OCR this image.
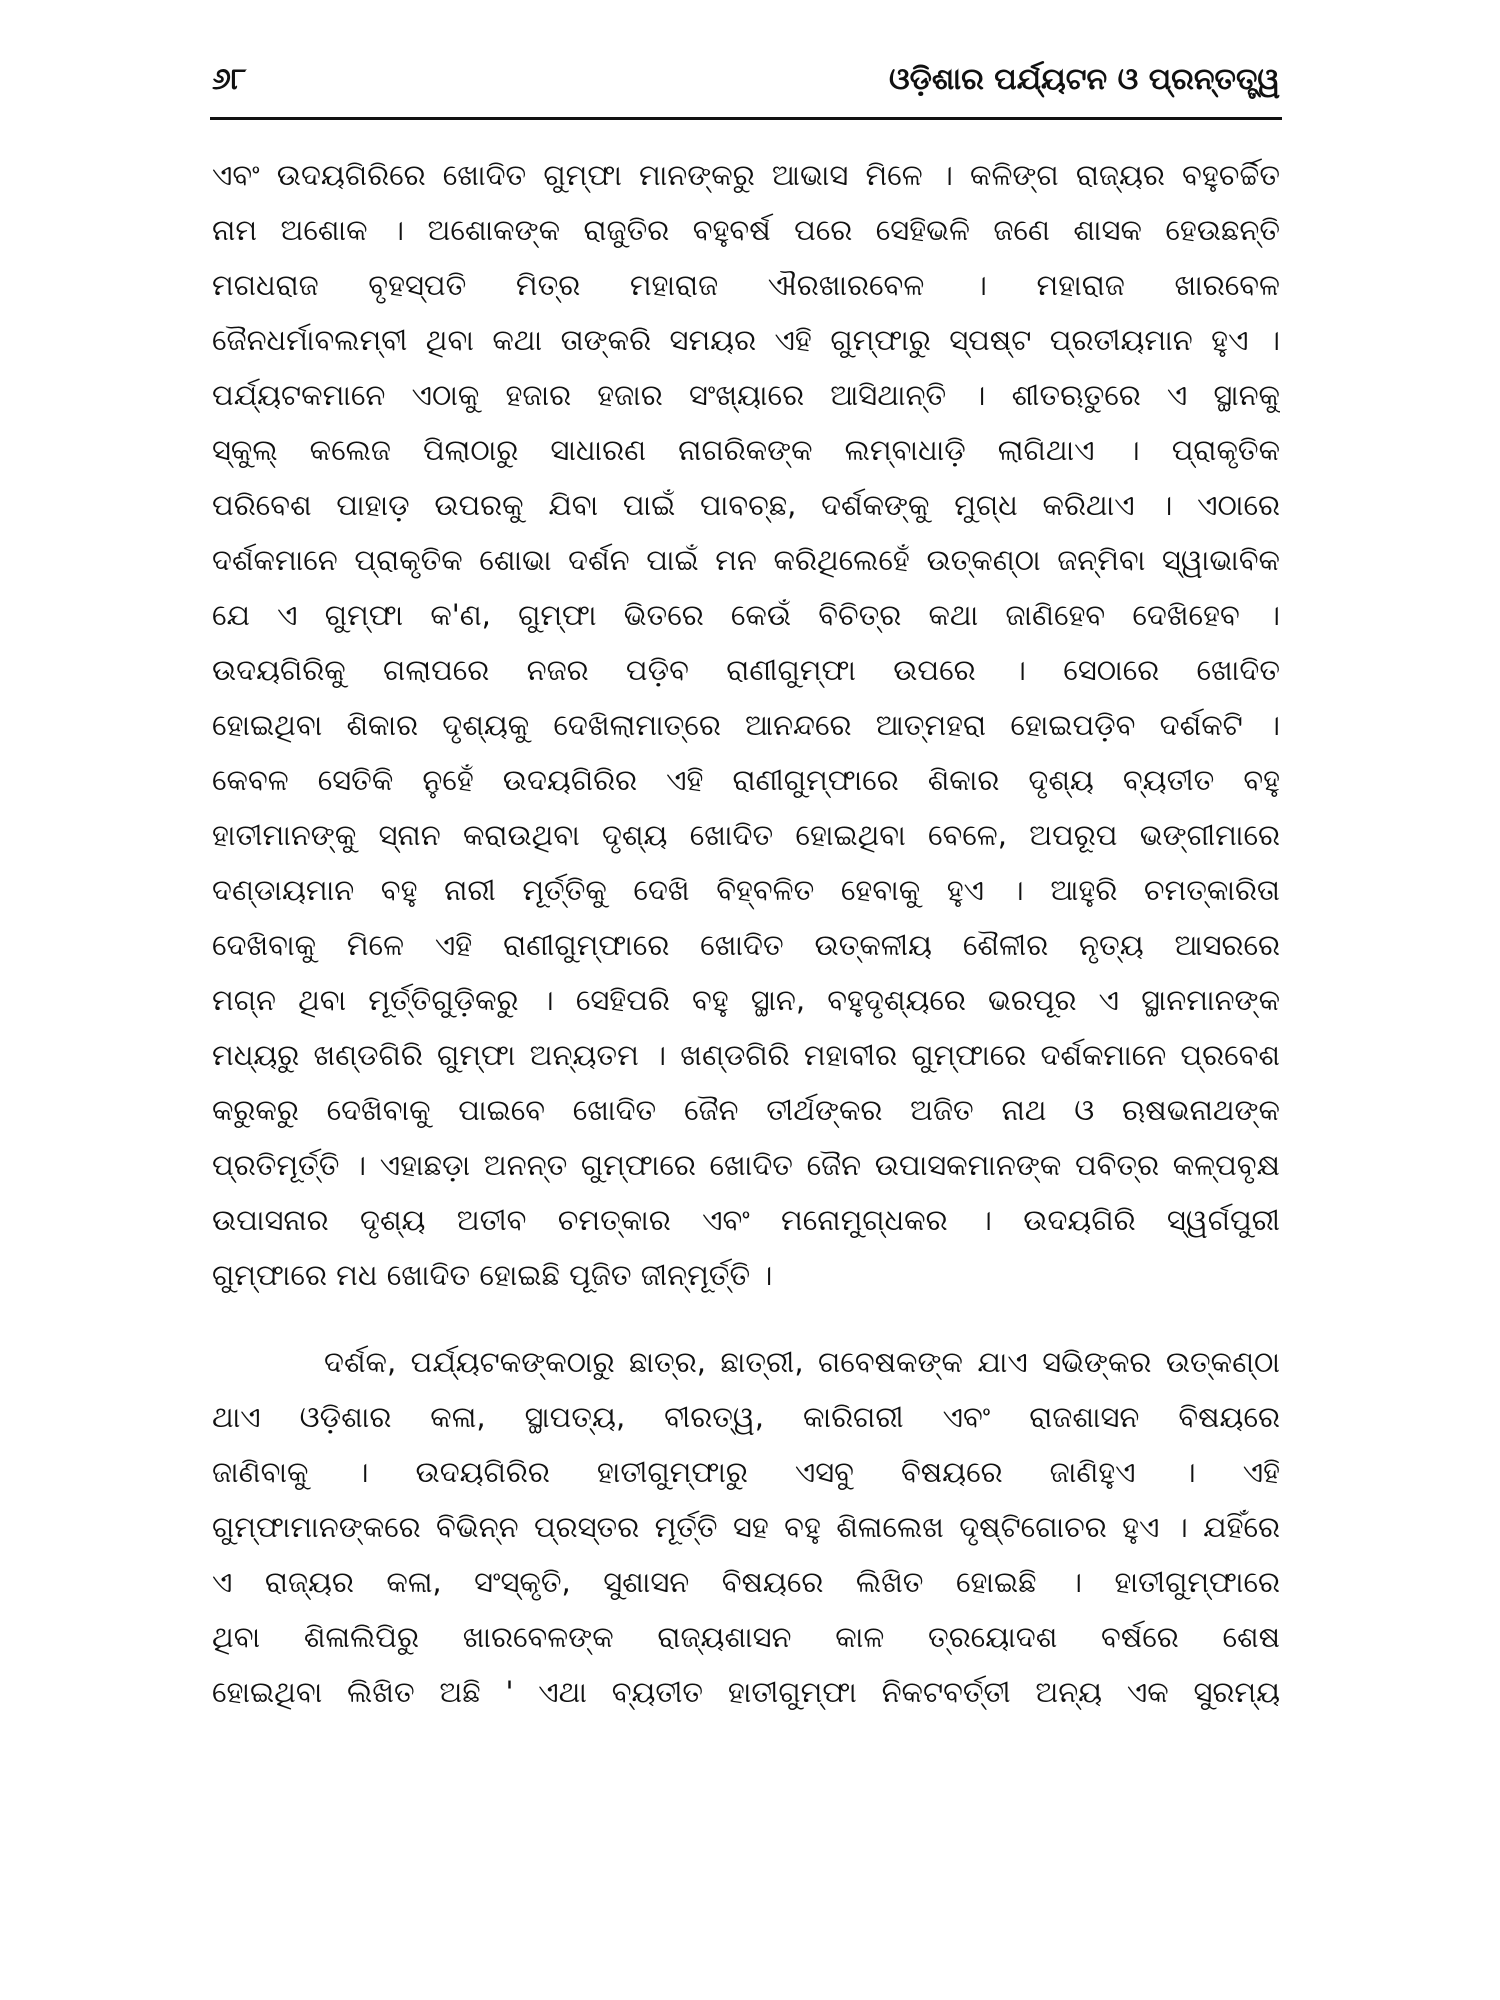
୬୮	ଓଡ଼ିଶାର ପର୍ଯ୍ୟଟନ ଓ ପ୍ରନ୍ତତ୍ତ୍ୱ
ଏବଂ ଉଦୟଗିରିରେ ଖୋଦିତ ଗୁମ୍ଫା ମାନଙ୍କରୁ ଆଭାସ ମିଳେ । କଳିଙ୍ଗ ରାଜ୍ୟର ବହୁଚର୍ଚ୍ଚିତ
ନାମ ଅଶୋକ । ଅଶୋକଙ୍କ ରାଜୁତିର ବହୁବର୍ଷ ପରେ ସେହିଭଳି ଜଣେ ଶାସକ ହେଉଛନ୍ତି
ମଗଧରାଜ ବୃହସ୍ପତି ମିତ୍ର ମହାରାଜ ଐରଖାରବେଳ । ମହାରାଜ ଖାରବେଳ
ଜୈନଧର୍ମାବଲମ୍ବୀ ଥିବା କଥା ତାଙ୍କରି ସମୟର ଏହି ଗୁମ୍ଫାରୁ ସ୍ପଷ୍ଟ ପ୍ରତୀୟମାନ ହୁଏ ।
ପର୍ଯ୍ୟଟକମାନେ ଏଠାକୁ ହଜାର ହଜାର ସଂଖ୍ୟାରେ ଆସିଥାନ୍ତି । ଶୀତଋତୁରେ ଏ ସ୍ଥାନକୁ
ସ୍କୁଲ୍ କଲେଜ ପିଲାଠାରୁ ସାଧାରଣ ନାଗରିକଙ୍କ ଲମ୍ବାଧାଡ଼ି ଲାଗିଥାଏ । ପ୍ରାକୃତିକ
ପରିବେଶ ପାହାଡ଼ ଉପରକୁ ଯିବା ପାଇଁ ପାବଚ୍ଛ, ଦର୍ଶକଙ୍କୁ ମୁଗ୍ଧ କରିଥାଏ । ଏଠାରେ
ଦର୍ଶକମାନେ ପ୍ରାକୃତିକ ଶୋଭା ଦର୍ଶନ ପାଇଁ ମନ କରିଥିଲେହେଁ ଉତ୍କଣ୍ଠା ଜନ୍ମିବା ସ୍ୱାଭାବିକ
ଯେ ଏ ଗୁମ୍ଫା କ'ଣ, ଗୁମ୍ଫା ଭିତରେ କେଉଁ ବିଚିତ୍ର କଥା ଜାଣିହେବ ଦେଖିହେବ ।
ଉଦୟଗିରିକୁ ଗଲାପରେ ନଜର ପଡ଼ିବ ରାଣୀଗୁମ୍ଫା ଉପରେ । ସେଠାରେ ଖୋଦିତ
ହୋଇଥିବା ଶିକାର ଦୃଶ୍ୟକୁ ଦେଖିଲାମାତ୍ରେ ଆନନ୍ଦରେ ଆତ୍ମହରା ହୋଇପଡ଼ିବ ଦର୍ଶକଟି ।
କେବଳ ସେତିକି ନୁହେଁ ଉଦୟଗିରିର ଏହି ରାଣୀଗୁମ୍ଫାରେ ଶିକାର ଦୃଶ୍ୟ ବ୍ୟତୀତ ବହୁ
ହାତୀମାନଙ୍କୁ ସ୍ନାନ କରାଉଥିବା ଦୃଶ୍ୟ ଖୋଦିତ ହୋଇଥିବା ବେଳେ, ଅପରୂପ ଭଙ୍ଗୀମାରେ
ଦଣ୍ଡାୟମାନ ବହୁ ନାରୀ ମୂର୍ତ୍ତିକୁ ଦେଖି ବିହ୍ବଳିତ ହେବାକୁ ହୁଏ । ଆହୁରି ଚମତ୍କାରିତା
ଦେଖିବାକୁ ମିଳେ ଏହି ରାଣୀଗୁମ୍ଫାରେ ଖୋଦିତ ଉତ୍କଳୀୟ ଶୈଳୀର ନୃତ୍ୟ ଆସରରେ
ମଗ୍ନ ଥିବା ମୂର୍ତ୍ତିଗୁଡ଼ିକରୁ । ସେହିପରି ବହୁ ସ୍ଥାନ, ବହୁଦୃଶ୍ୟରେ ଭରପୂର ଏ ସ୍ଥାନମାନଙ୍କ
ମଧ୍ୟରୁ ଖଣ୍ଡଗିରି ଗୁମ୍ଫା ଅନ୍ୟତମ । ଖଣ୍ଡଗିରି ମହାବୀର ଗୁମ୍ଫାରେ ଦର୍ଶକମାନେ ପ୍ରବେଶ
କରୁକରୁ ଦେଖିବାକୁ ପାଇବେ ଖୋଦିତ ଜୈନ ତୀର୍ଥଙ୍କର ଅଜିତ ନାଥ ଓ ଋଷଭନାଥଙ୍କ
ପ୍ରତିମୂର୍ତ୍ତି । ଏହାଛଡ଼ା ଅନନ୍ତ ଗୁମ୍ଫାରେ ଖୋଦିତ ଜୈନ ଉପାସକମାନଙ୍କ ପବିତ୍ର କଳ୍ପବୃକ୍ଷ
ଉପାସନାର ଦୃଶ୍ୟ ଅତୀବ ଚମତ୍କାର ଏବଂ ମନୋମୁଗ୍ଧକର । ଉଦୟଗିରି ସ୍ୱର୍ଗପୁରୀ
ଗୁମ୍ଫାରେ ମଧ ଖୋଦିତ ହୋଇଛି ପୂଜିତ ଜୀନ୍‌ମୂର୍ତ୍ତି ।
ଦର୍ଶକ, ପର୍ଯ୍ୟଟକଙ୍କଠାରୁ ଛାତ୍ର, ଛାତ୍ରୀ, ଗବେଷକଙ୍କ ଯାଏ ସଭିଙ୍କର ଉତ୍କଣ୍ଠା
ଥାଏ ଓଡ଼ିଶାର କଳା, ସ୍ଥାପତ୍ୟ, ବୀରତ୍ୱ, କାରିଗରୀ ଏବଂ ରାଜଶାସନ ବିଷୟରେ
ଜାଣିବାକୁ । ଉଦୟଗିରିର ହାତୀଗୁମ୍ଫାରୁ ଏସବୁ ବିଷୟରେ ଜାଣିହୁଏ । ଏହି
ଗୁମ୍ଫାମାନଙ୍କରେ ବିଭିନ୍ନ ପ୍ରସ୍ତର ମୂର୍ତ୍ତି ସହ ବହୁ ଶିଳାଲେଖ ଦୃଷ୍ଟିଗୋଚର ହୁଏ । ଯହିଁରେ
ଏ ରାଜ୍ୟର କଳା, ସଂସ୍କୃତି, ସୁଶାସନ ବିଷୟରେ ଲିଖିତ ହୋଇଛି । ହାତୀଗୁମ୍ଫାରେ
ଥିବା ଶିଳାଲିପିରୁ ଖାରବେଳଙ୍କ ରାଜ୍ୟଶାସନ କାଳ ତ୍ରୟୋଦଶ ବର୍ଷରେ ଶେଷ
ହୋଇଥିବା ଲିଖିତ ଅଛି ' ଏଥା ବ୍ୟତୀତ ହାତୀଗୁମ୍ଫା ନିକଟବର୍ତ୍ତୀ ଅନ୍ୟ ଏକ ସୁରମ୍ୟ
